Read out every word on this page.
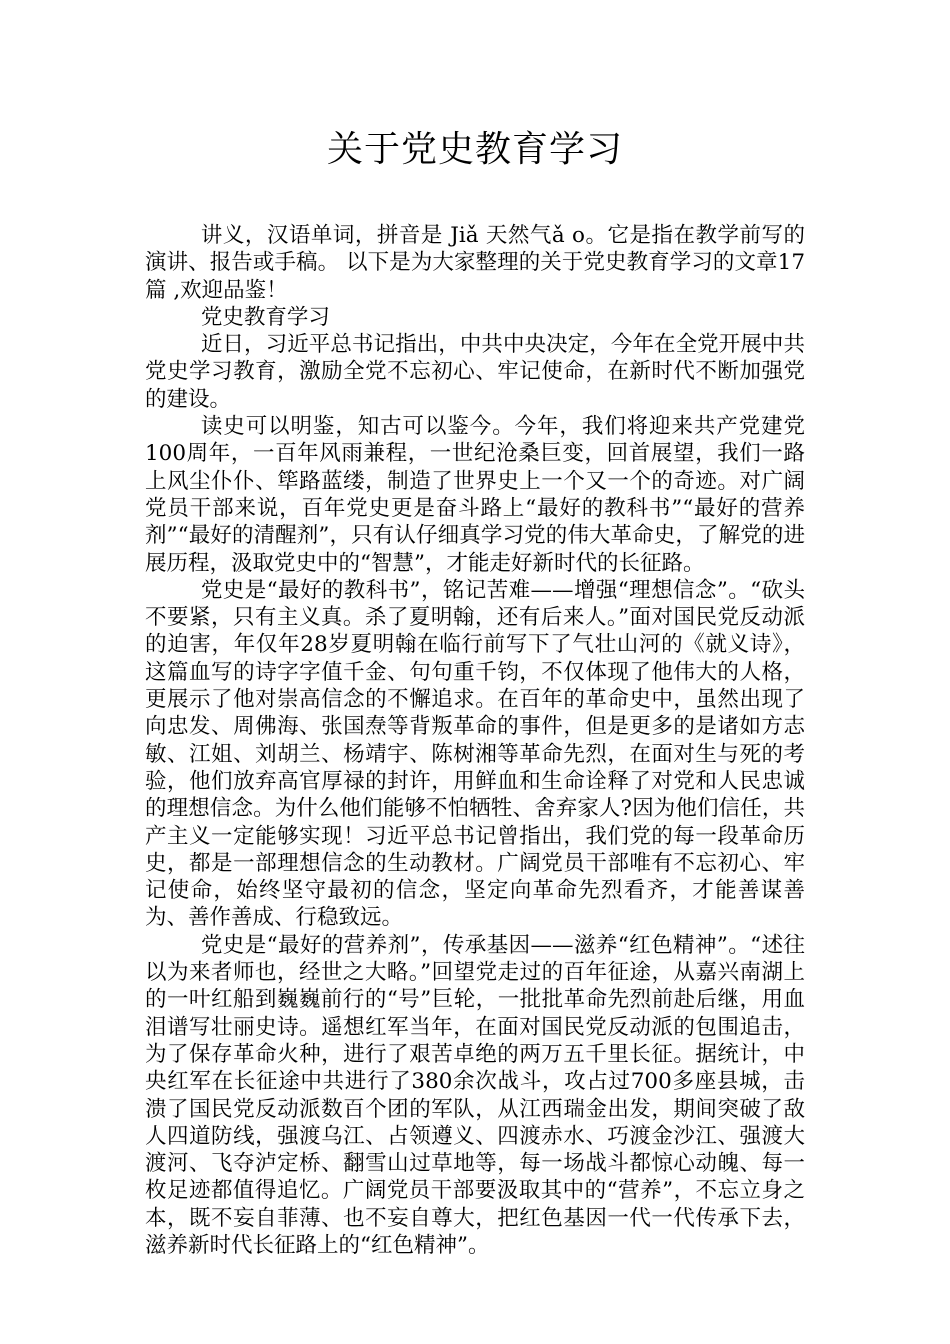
关于党史教育学习

讲义，汉语单词，拼音是 Jiǎ 天然气ǎ o。它是指在教学前写的演讲、报告或手稿。 以下是为大家整理的关于党史教育学习的文章17篇 ,欢迎品鉴！

党史教育学习

近日，习近平总书记指出，中共中央决定，今年在全党开展中共党史学习教育，激励全党不忘初心、牢记使命，在新时代不断加强党的建设。

读史可以明鉴，知古可以鉴今。今年，我们将迎来共产党建党100周年，一百年风雨兼程，一世纪沧桑巨变，回首展望，我们一路上风尘仆仆、筚路蓝缕，制造了世界史上一个又一个的奇迹。对广阔党员干部来说，百年党史更是奋斗路上“最好的教科书”“最好的营养剂”“最好的清醒剂”，只有认仔细真学习党的伟大革命史，了解党的进展历程，汲取党史中的“智慧”，才能走好新时代的长征路。

党史是“最好的教科书”，铭记苦难——增强“理想信念”。“砍头不要紧，只有主义真。杀了夏明翰，还有后来人。”面对国民党反动派的迫害，年仅年28岁夏明翰在临行前写下了气壮山河的《就义诗》，这篇血写的诗字字值千金、句句重千钧，不仅体现了他伟大的人格，更展示了他对崇高信念的不懈追求。在百年的革命史中，虽然出现了向忠发、周佛海、张国焘等背叛革命的事件，但是更多的是诸如方志敏、江姐、刘胡兰、杨靖宇、陈树湘等革命先烈，在面对生与死的考验，他们放弃高官厚禄的封许，用鲜血和生命诠释了对党和人民忠诚的理想信念。为什么他们能够不怕牺牲、舍弃家人?因为他们信任，共产主义一定能够实现！习近平总书记曾指出，我们党的每一段革命历史，都是一部理想信念的生动教材。广阔党员干部唯有不忘初心、牢记使命，始终坚守最初的信念，坚定向革命先烈看齐，才能善谋善为、善作善成、行稳致远。

党史是“最好的营养剂”，传承基因——滋养“红色精神”。“述往以为来者师也，经世之大略。”回望党走过的百年征途，从嘉兴南湖上的一叶红船到巍巍前行的“号”巨轮，一批批革命先烈前赴后继，用血泪谱写壮丽史诗。遥想红军当年，在面对国民党反动派的包围追击，为了保存革命火种，进行了艰苦卓绝的两万五千里长征。据统计，中央红军在长征途中共进行了380余次战斗，攻占过700多座县城，击溃了国民党反动派数百个团的军队，从江西瑞金出发，期间突破了敌人四道防线，强渡乌江、占领遵义、四渡赤水、巧渡金沙江、强渡大渡河、飞夺泸定桥、翻雪山过草地等，每一场战斗都惊心动魄、每一枚足迹都值得追忆。广阔党员干部要汲取其中的“营养”，不忘立身之本，既不妄自菲薄、也不妄自尊大，把红色基因一代一代传承下去，滋养新时代长征路上的“红色精神”。
